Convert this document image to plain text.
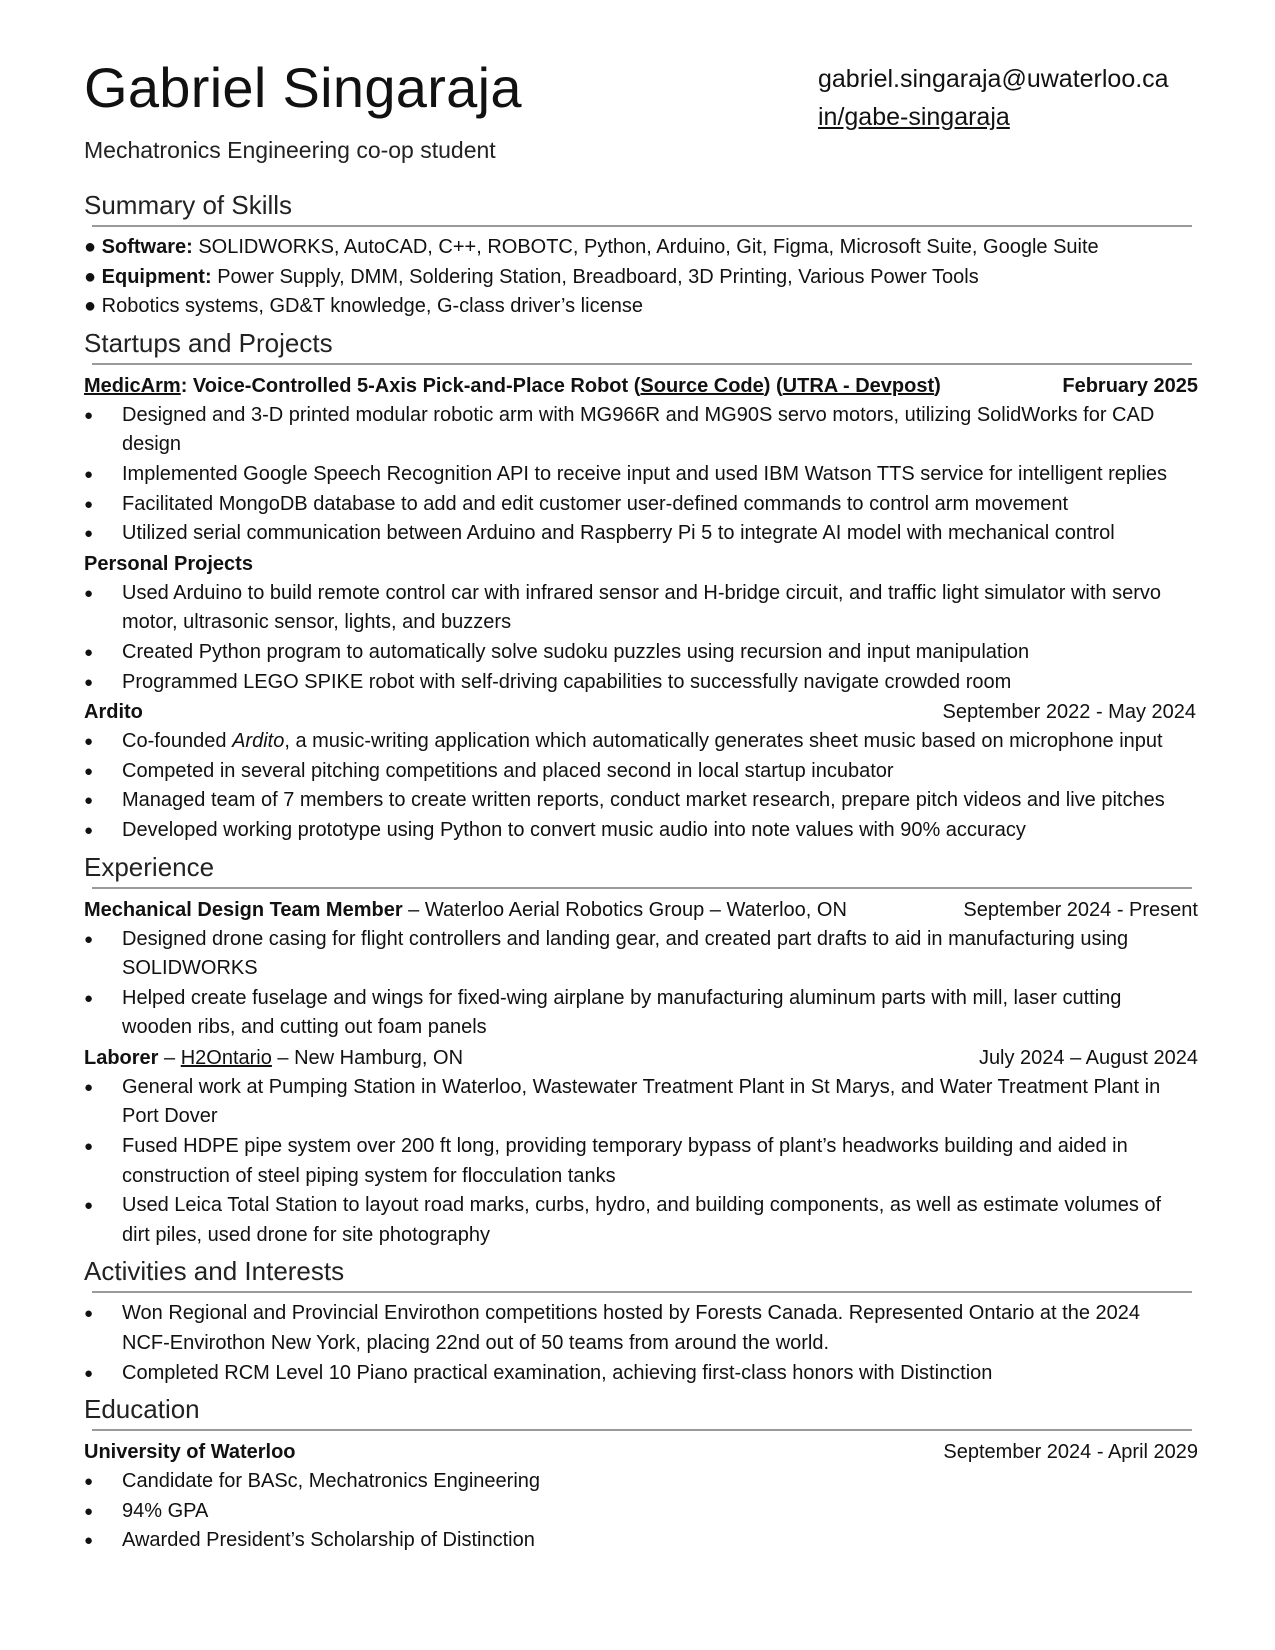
Gabriel Singaraja
Mechatronics Engineering co-op student
gabriel.singaraja@uwaterloo.ca
in/gabe-singaraja
Summary of Skills
● Software: SOLIDWORKS, AutoCAD, C++, ROBOTC, Python, Arduino, Git, Figma, Microsoft Suite, Google Suite
● Equipment: Power Supply, DMM, Soldering Station, Breadboard, 3D Printing, Various Power Tools
● Robotics systems, GD&T knowledge, G-class driver’s license
Startups and Projects
MedicArm: Voice-Controlled 5-Axis Pick-and-Place Robot (Source Code) (UTRA - Devpost)	February 2025
● Designed and 3-D printed modular robotic arm with MG966R and MG90S servo motors, utilizing SolidWorks for CAD design
● Implemented Google Speech Recognition API to receive input and used IBM Watson TTS service for intelligent replies
● Facilitated MongoDB database to add and edit customer user-defined commands to control arm movement
● Utilized serial communication between Arduino and Raspberry Pi 5 to integrate AI model with mechanical control
Personal Projects
● Used Arduino to build remote control car with infrared sensor and H-bridge circuit, and traffic light simulator with servo motor, ultrasonic sensor, lights, and buzzers
● Created Python program to automatically solve sudoku puzzles using recursion and input manipulation
● Programmed LEGO SPIKE robot with self-driving capabilities to successfully navigate crowded room
Ardito	September 2022 - May 2024
● Co-founded Ardito, a music-writing application which automatically generates sheet music based on microphone input
● Competed in several pitching competitions and placed second in local startup incubator
● Managed team of 7 members to create written reports, conduct market research, prepare pitch videos and live pitches
● Developed working prototype using Python to convert music audio into note values with 90% accuracy
Experience
Mechanical Design Team Member – Waterloo Aerial Robotics Group – Waterloo, ON	September 2024 - Present
● Designed drone casing for flight controllers and landing gear, and created part drafts to aid in manufacturing using SOLIDWORKS
● Helped create fuselage and wings for fixed-wing airplane by manufacturing aluminum parts with mill, laser cutting wooden ribs, and cutting out foam panels
Laborer – H2Ontario – New Hamburg, ON	July 2024 – August 2024
● General work at Pumping Station in Waterloo, Wastewater Treatment Plant in St Marys, and Water Treatment Plant in Port Dover
● Fused HDPE pipe system over 200 ft long, providing temporary bypass of plant’s headworks building and aided in construction of steel piping system for flocculation tanks
● Used Leica Total Station to layout road marks, curbs, hydro, and building components, as well as estimate volumes of dirt piles, used drone for site photography
Activities and Interests
● Won Regional and Provincial Envirothon competitions hosted by Forests Canada. Represented Ontario at the 2024 NCF-Envirothon New York, placing 22nd out of 50 teams from around the world.
● Completed RCM Level 10 Piano practical examination, achieving first-class honors with Distinction
Education
University of Waterloo	September 2024 - April 2029
● Candidate for BASc, Mechatronics Engineering
● 94% GPA
● Awarded President’s Scholarship of Distinction
